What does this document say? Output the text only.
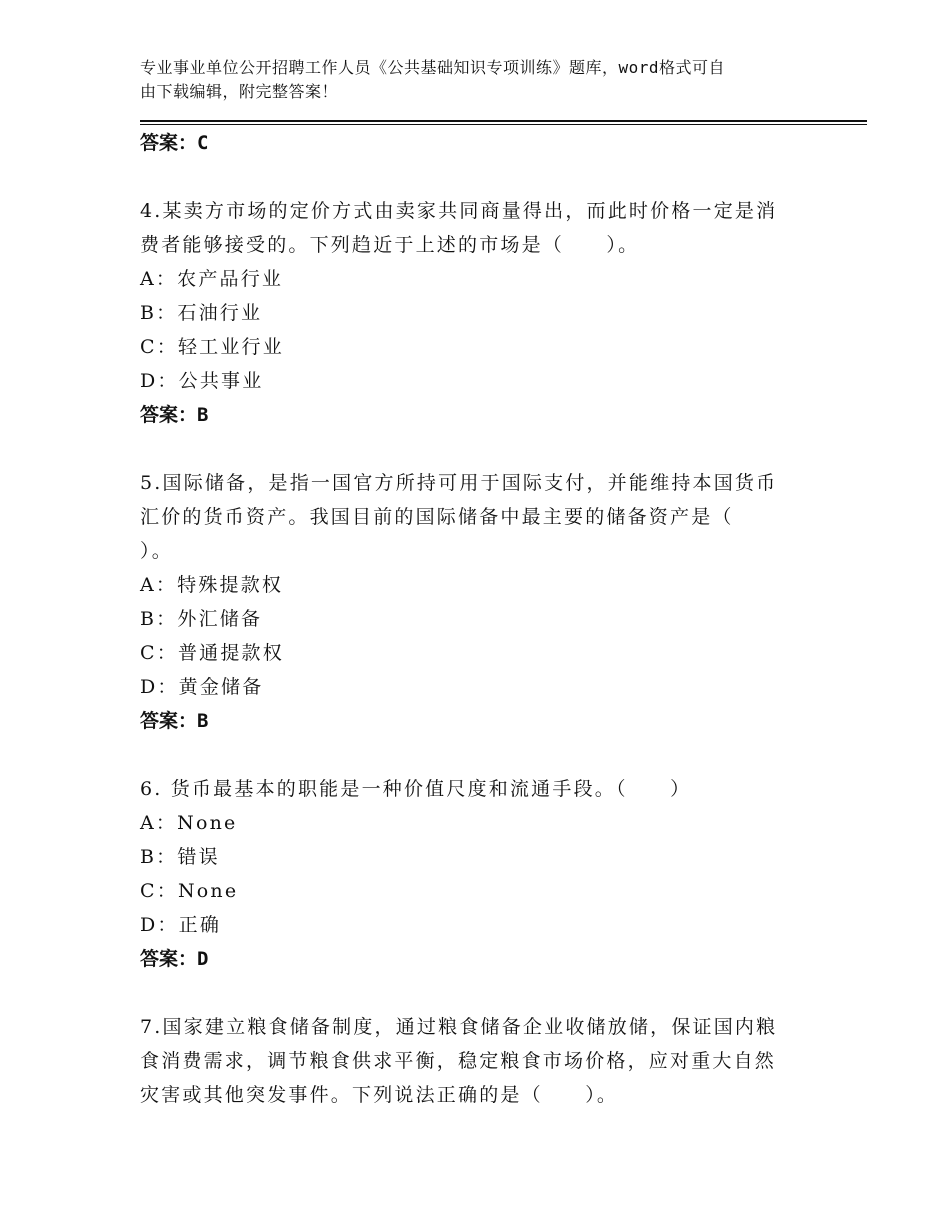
专业事业单位公开招聘工作人员《公共基础知识专项训练》题库，word格式可自
由下载编辑，附完整答案！
答案：C
4.某卖方市场的定价方式由卖家共同商量得出，而此时价格一定是消
费者能够接受的。下列趋近于上述的市场是（　　）。
A：农产品行业
B：石油行业
C：轻工业行业
D：公共事业
答案：B
5.国际储备，是指一国官方所持可用于国际支付，并能维持本国货币
汇价的货币资产。我国目前的国际储备中最主要的储备资产是（
）。
A：特殊提款权
B：外汇储备
C：普通提款权
D：黄金储备
答案：B
6. 货币最基本的职能是一种价值尺度和流通手段。（　　）
A：None
B：错误
C：None
D：正确
答案：D
7.国家建立粮食储备制度，通过粮食储备企业收储放储，保证国内粮
食消费需求，调节粮食供求平衡，稳定粮食市场价格，应对重大自然
灾害或其他突发事件。下列说法正确的是（　　）。
